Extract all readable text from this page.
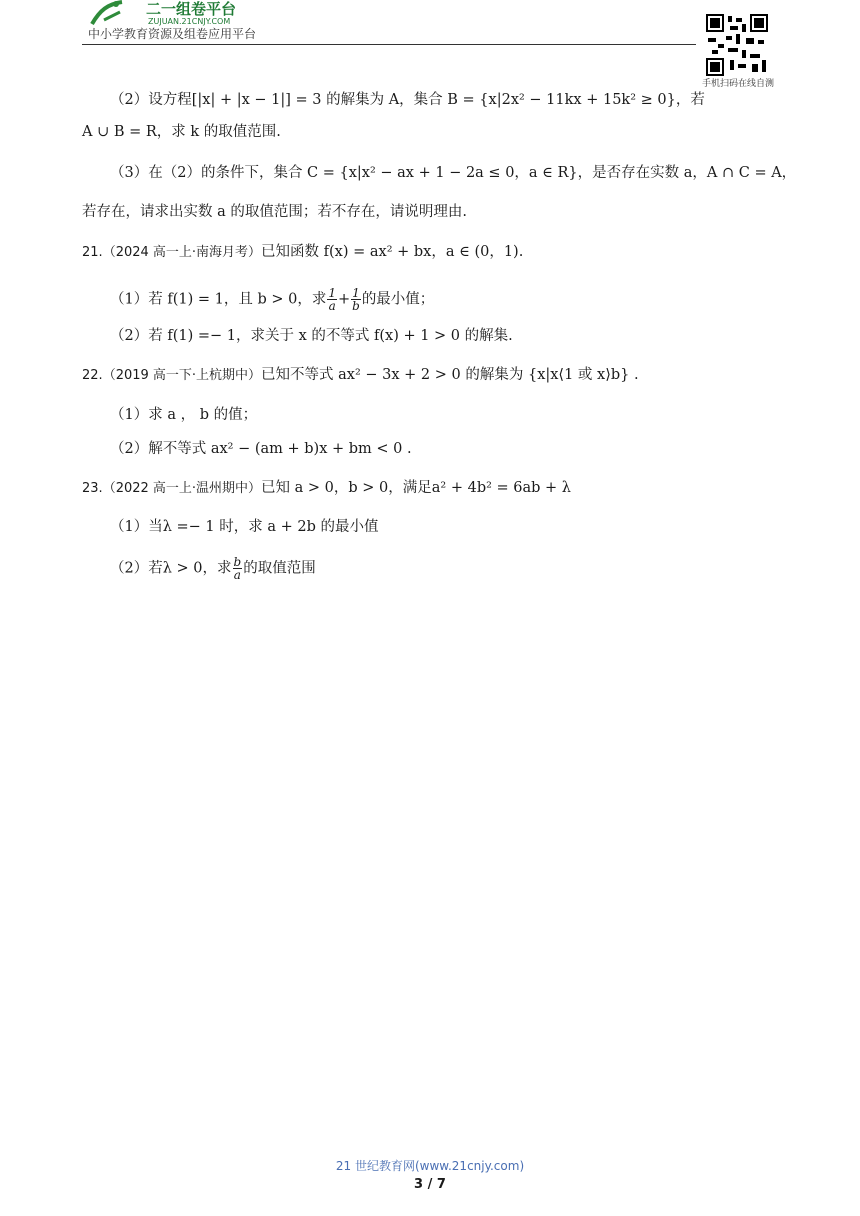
二一组卷平台
ZUJUAN.21CNJY.COM
中小学教育资源及组卷应用平台
手机扫码在线自测
（2）设方程[|x| + |x − 1|] = 3 的解集为 A，集合 B = {x|2x² − 11kx + 15k² ≥ 0}，若
A ∪ B = R，求 k 的取值范围.
（3）在（2）的条件下，集合 C = {x|x² − ax + 1 − 2a ≤ 0，a ∈ R}，是否存在实数 a，A ∩ C = A，
若存在，请求出实数 a 的取值范围；若不存在，请说明理由.
21.（2024 高一上·南海月考）已知函数 f(x) = ax² + bx，a ∈ (0，1).
（1）若 f(1) = 1，且 b > 0，求 $\frac{1}{a} + \frac{1}{b}$ 的最小值；
（2）若 f(1) =− 1，求关于 x 的不等式 f(x) + 1 > 0 的解集.
22.（2019 高一下·上杭期中）已知不等式 ax² − 3x + 2 > 0 的解集为 {x|x⟨1 或 x⟩b} .
（1）求 a ， b 的值；
（2）解不等式 ax² − (am + b)x + bm < 0 .
23.（2022 高一上·温州期中）已知 a > 0，b > 0，满足a² + 4b² = 6ab + λ
（1）当λ =− 1 时，求 a + 2b 的最小值
（2）若λ > 0，求 $\frac{b}{a}$ 的取值范围
21 世纪教育网(www.21cnjy.com)
3 / 7
